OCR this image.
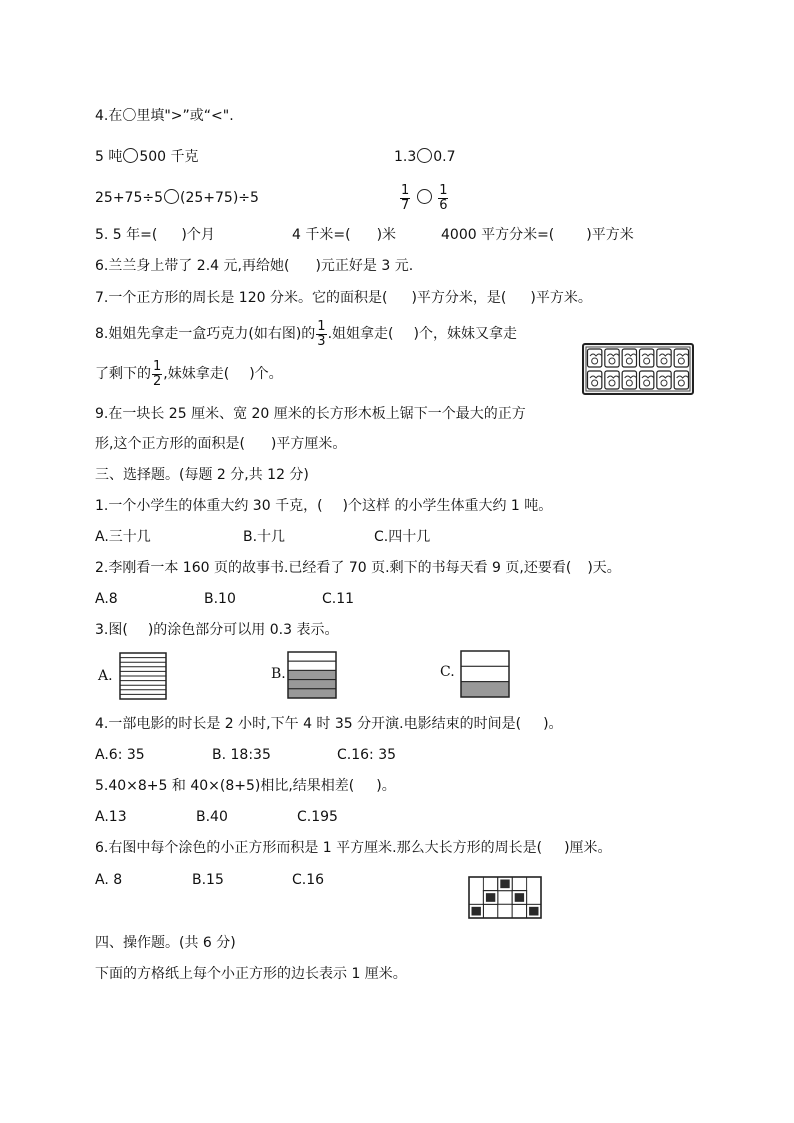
4.在〇里填">”或“<".
5 吨 500 千克	1.3 0.7
25+75÷5 (25+75)÷5	$\frac{1}{7}$
$\frac{1}{6}$
5. 5 年=( )个月	4 千米=( )米	4000 平方分米=( )平方米
6.兰兰身上带了 2.4 元,再给她( )元正好是 3 元.
7.一个正方形的周长是 120 分米。它的面积是( )平方分米，是( )平方米。
8.姐姐先拿走一盒巧克力(如右图)的 $\frac{1}{3}$ .姐姐拿走( )个，妹妹又拿走
了剩下的 $\frac{1}{2}$ ,妹妹拿走( )个。
9.在一块长 25 厘米、宽 20 厘米的长方形木板上锯下一个最大的正方
形,这个正方形的面积是( )平方厘米。
三、选择题。(每题 2 分,共 12 分)
1.一个小学生的体重大约 30 千克，( )个这样 的小学生体重大约 1 吨。
A.三十几	B.十几	C.四十几
2.李刚看一本 160 页的故事书.已经看了 70 页.剩下的书每天看 9 页,还要看( )天。
A.8	B.10	C.11
3.图( )的涂色部分可以用 0.3 表示。
A.	B.	C.
4.一部电影的时长是 2 小时,下午 4 时 35 分开演.电影结束的时间是( )。
A.6: 35	B. 18:35	C.16: 35
5.40×8+5 和 40×(8+5)相比,结果相差( )。
A.13	B.40	C.195
6.右图中每个涂色的小正方形而积是 1 平方厘米.那么大长方形的周长是( )厘米。
A. 8	B.15	C.16
四、操作题。(共 6 分)
下面的方格纸上每个小正方形的边长表示 1 厘米。
